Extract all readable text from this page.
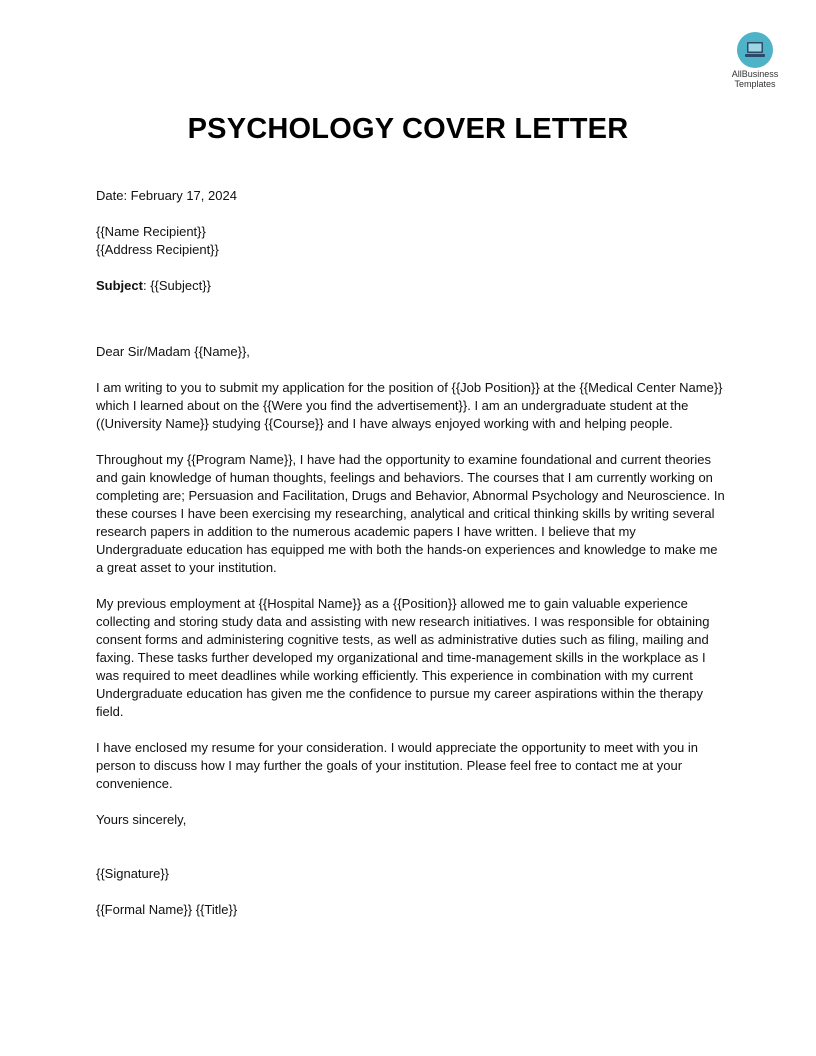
AllBusiness
Templates
PSYCHOLOGY COVER LETTER

Date: February 17, 2024

{{Name Recipient}}

{{Address Recipient}}

Subject: {{Subject}}

Dear Sir/Madam {{Name}},

I am writing to you to submit my application for the position of {{Job Position}} at the {{Medical Center Name}} which I learned about on the {{Were you find the advertisement}}. I am an undergraduate student at the ((University Name}} studying {{Course}} and I have always enjoyed working with and helping people.

Throughout my {{Program Name}}, I have had the opportunity to examine foundational and current theories and gain knowledge of human thoughts, feelings and behaviors. The courses that I am currently working on completing are; Persuasion and Facilitation, Drugs and Behavior, Abnormal Psychology and Neuroscience. In these courses I have been exercising my researching, analytical and critical thinking skills by writing several research papers in addition to the numerous academic papers I have written. I believe that my Undergraduate education has equipped me with both the hands-on experiences and knowledge to make me a great asset to your institution.

My previous employment at {{Hospital Name}} as a {{Position}} allowed me to gain valuable experience collecting and storing study data and assisting with new research initiatives. I was responsible for obtaining consent forms and administering cognitive tests, as well as administrative duties such as filing, mailing and faxing. These tasks further developed my organizational and time-management skills in the workplace as I was required to meet deadlines while working efficiently. This experience in combination with my current Undergraduate education has given me the confidence to pursue my career aspirations within the therapy field.

I have enclosed my resume for your consideration. I would appreciate the opportunity to meet with you in person to discuss how I may further the goals of your institution. Please feel free to contact me at your convenience.

Yours sincerely,

{{Signature}}

{{Formal Name}} {{Title}}
